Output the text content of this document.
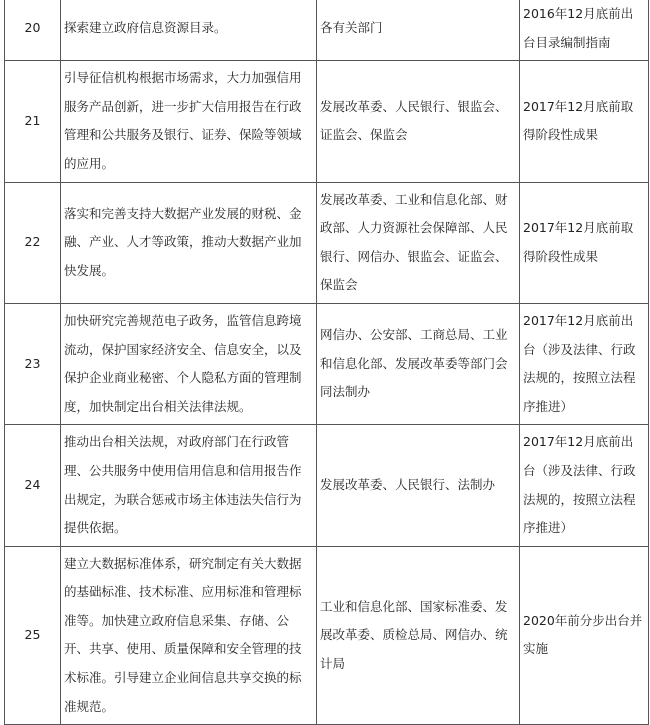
20	探索建立政府信息资源目录。	各有关部门	2016年12月底前出台目录编制指南
21	引导征信机构根据市场需求，大力加强信用服务产品创新，进一步扩大信用报告在行政管理和公共服务及银行、证券、保险等领域的应用。	发展改革委、人民银行、银监会、证监会、保监会	2017年12月底前取得阶段性成果
22	落实和完善支持大数据产业发展的财税、金融、产业、人才等政策，推动大数据产业加快发展。	发展改革委、工业和信息化部、财政部、人力资源社会保障部、人民银行、网信办、银监会、证监会、保监会	2017年12月底前取得阶段性成果
23	加快研究完善规范电子政务，监管信息跨境流动，保护国家经济安全、信息安全，以及保护企业商业秘密、个人隐私方面的管理制度，加快制定出台相关法律法规。	网信办、公安部、工商总局、工业和信息化部、发展改革委等部门会同法制办	2017年12月底前出台（涉及法律、行政法规的，按照立法程序推进）
24	推动出台相关法规，对政府部门在行政管理、公共服务中使用信用信息和信用报告作出规定，为联合惩戒市场主体违法失信行为提供依据。	发展改革委、人民银行、法制办	2017年12月底前出台（涉及法律、行政法规的，按照立法程序推进）
25	建立大数据标准体系，研究制定有关大数据的基础标准、技术标准、应用标准和管理标准等。加快建立政府信息采集、存储、公开、共享、使用、质量保障和安全管理的技术标准。引导建立企业间信息共享交换的标准规范。	工业和信息化部、国家标准委、发展改革委、质检总局、网信办、统计局	2020年前分步出台并实施
